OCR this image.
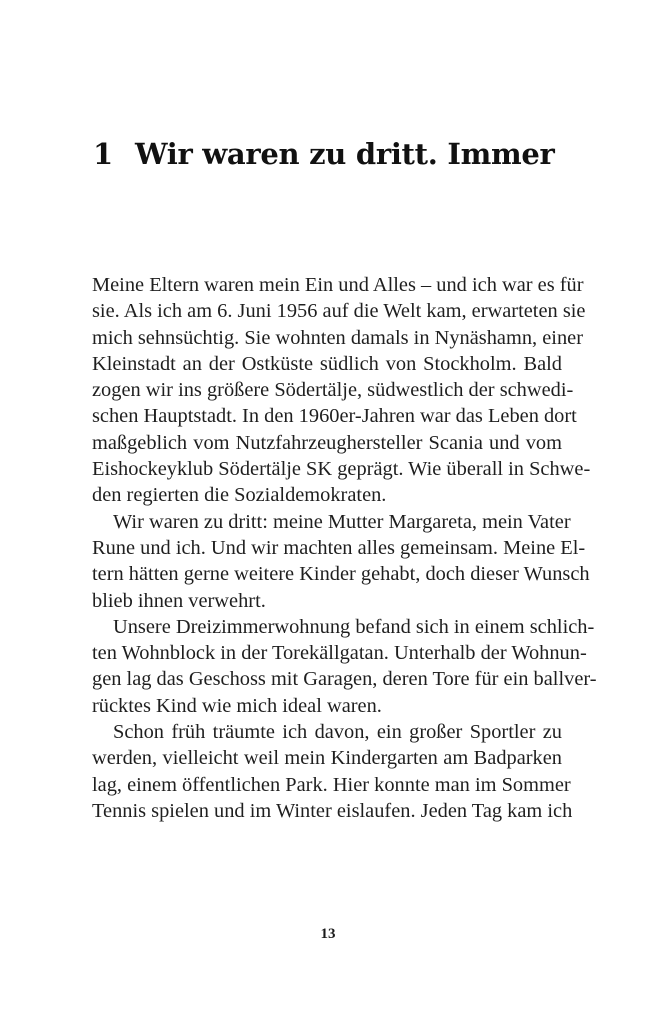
1 Wir waren zu dritt. Immer
Meine Eltern waren mein Ein und Alles – und ich war es für
sie. Als ich am 6. Juni 1956 auf die Welt kam, erwarteten sie
mich sehnsüchtig. Sie wohnten damals in Nynäshamn, einer
Kleinstadt an der Ostküste südlich von Stockholm. Bald
zogen wir ins größere Södertälje, südwestlich der schwedi-
schen Hauptstadt. In den 1960er-Jahren war das Leben dort
maßgeblich vom Nutzfahrzeughersteller Scania und vom
Eishockeyklub Södertälje SK geprägt. Wie überall in Schwe-
den regierten die Sozialdemokraten.
Wir waren zu dritt: meine Mutter Margareta, mein Vater
Rune und ich. Und wir machten alles gemeinsam. Meine El-
tern hätten gerne weitere Kinder gehabt, doch dieser Wunsch
blieb ihnen verwehrt.
Unsere Dreizimmerwohnung befand sich in einem schlich-
ten Wohnblock in der Torekällgatan. Unterhalb der Wohnun-
gen lag das Geschoss mit Garagen, deren Tore für ein ballver-
rücktes Kind wie mich ideal waren.
Schon früh träumte ich davon, ein großer Sportler zu
werden, vielleicht weil mein Kindergarten am Badparken
lag, einem öffentlichen Park. Hier konnte man im Sommer
Tennis spielen und im Winter eislaufen. Jeden Tag kam ich
13
